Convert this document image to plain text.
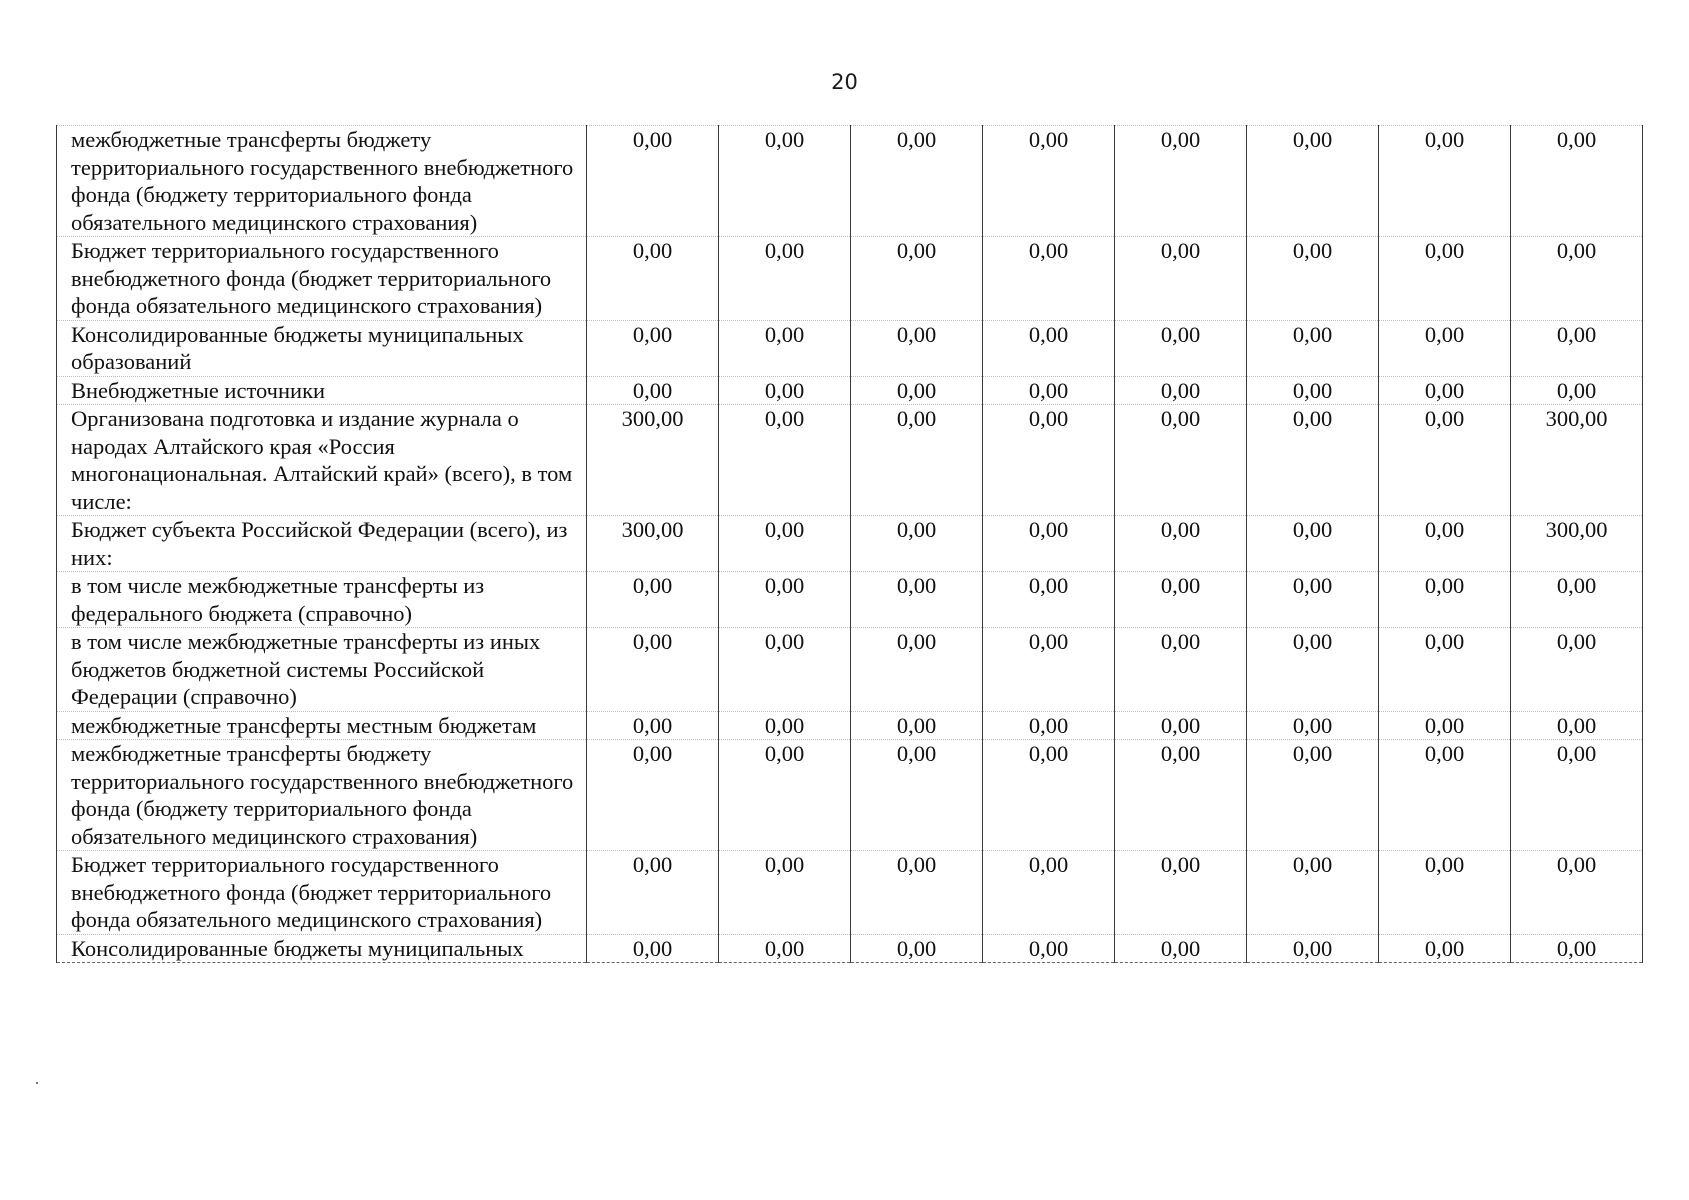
20
межбюджетные трансферты бюджету территориального государственного внебюджетного фонда (бюджету территориального фонда обязательного медицинского страхования)	0,00	0,00	0,00	0,00	0,00	0,00	0,00	0,00
Бюджет территориального государственного внебюджетного фонда (бюджет территориального фонда обязательного медицинского страхования)	0,00	0,00	0,00	0,00	0,00	0,00	0,00	0,00
Консолидированные бюджеты муниципальных образований	0,00	0,00	0,00	0,00	0,00	0,00	0,00	0,00
Внебюджетные источники	0,00	0,00	0,00	0,00	0,00	0,00	0,00	0,00
Организована подготовка и издание журнала о народах Алтайского края «Россия многонациональная. Алтайский край» (всего), в том числе:	300,00	0,00	0,00	0,00	0,00	0,00	0,00	300,00
Бюджет субъекта Российской Федерации (всего), из них:	300,00	0,00	0,00	0,00	0,00	0,00	0,00	300,00
в том числе межбюджетные трансферты из федерального бюджета (справочно)	0,00	0,00	0,00	0,00	0,00	0,00	0,00	0,00
в том числе межбюджетные трансферты из иных бюджетов бюджетной системы Российской Федерации (справочно)	0,00	0,00	0,00	0,00	0,00	0,00	0,00	0,00
межбюджетные трансферты местным бюджетам	0,00	0,00	0,00	0,00	0,00	0,00	0,00	0,00
межбюджетные трансферты бюджету территориального государственного внебюджетного фонда (бюджету территориального фонда обязательного медицинского страхования)	0,00	0,00	0,00	0,00	0,00	0,00	0,00	0,00
Бюджет территориального государственного внебюджетного фонда (бюджет территориального фонда обязательного медицинского страхования)	0,00	0,00	0,00	0,00	0,00	0,00	0,00	0,00
Консолидированные бюджеты муниципальных	0,00	0,00	0,00	0,00	0,00	0,00	0,00	0,00
